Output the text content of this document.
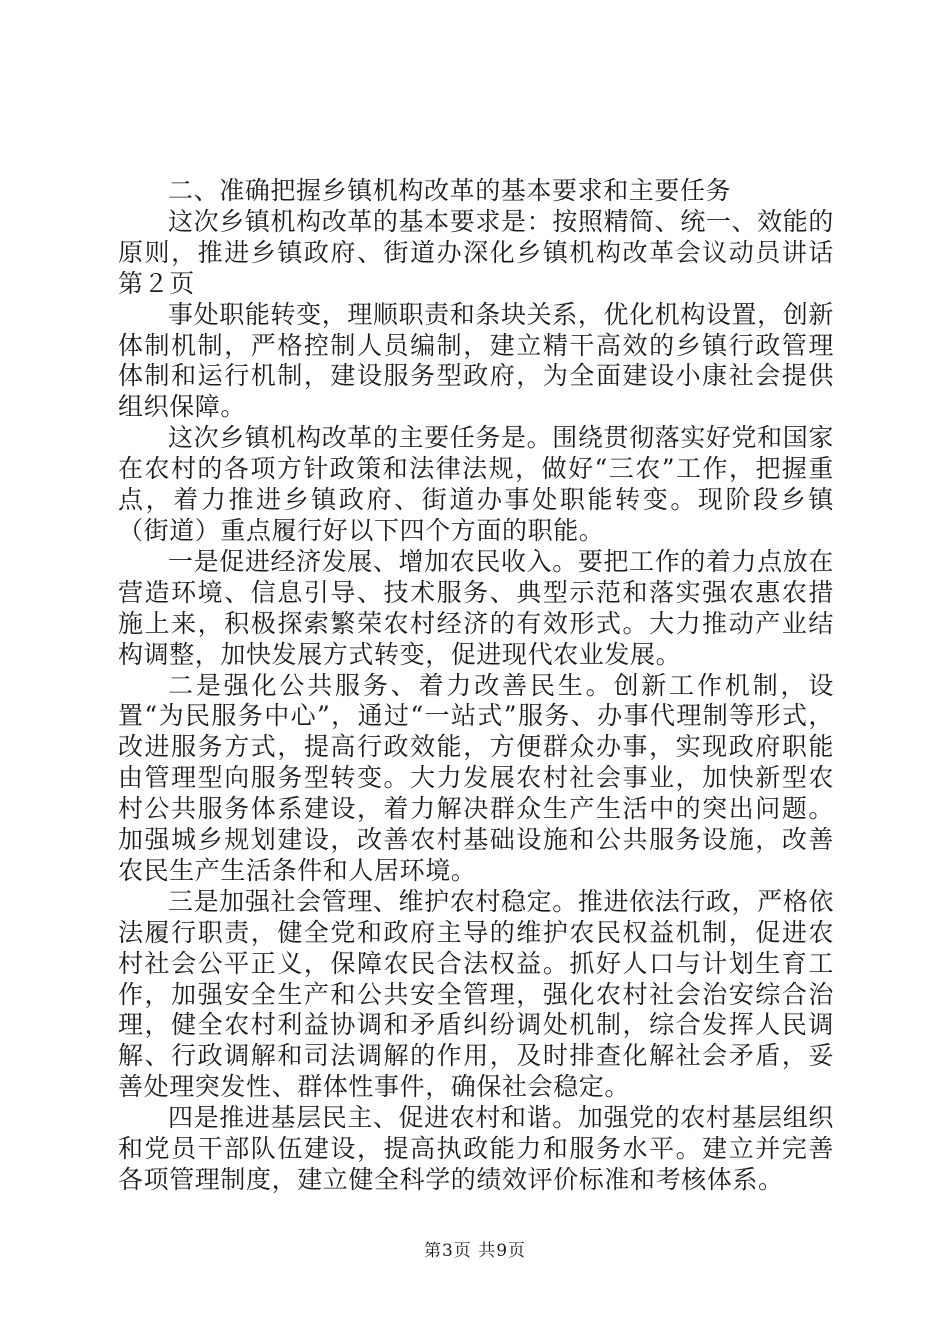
二、准确把握乡镇机构改革的基本要求和主要任务

这次乡镇机构改革的基本要求是：按照精简、统一、效能的原则，推进乡镇政府、街道办深化乡镇机构改革会议动员讲话第２页

事处职能转变，理顺职责和条块关系，优化机构设置，创新体制机制，严格控制人员编制，建立精干高效的乡镇行政管理体制和运行机制，建设服务型政府，为全面建设小康社会提供组织保障。

这次乡镇机构改革的主要任务是。围绕贯彻落实好党和国家在农村的各项方针政策和法律法规，做好“三农”工作，把握重点，着力推进乡镇政府、街道办事处职能转变。现阶段乡镇（街道）重点履行好以下四个方面的职能。

一是促进经济发展、增加农民收入。要把工作的着力点放在营造环境、信息引导、技术服务、典型示范和落实强农惠农措施上来，积极探索繁荣农村经济的有效形式。大力推动产业结构调整，加快发展方式转变，促进现代农业发展。

二是强化公共服务、着力改善民生。创新工作机制，设置“为民服务中心”，通过“一站式”服务、办事代理制等形式，改进服务方式，提高行政效能，方便群众办事，实现政府职能由管理型向服务型转变。大力发展农村社会事业，加快新型农村公共服务体系建设，着力解决群众生产生活中的突出问题。加强城乡规划建设，改善农村基础设施和公共服务设施，改善农民生产生活条件和人居环境。

三是加强社会管理、维护农村稳定。推进依法行政，严格依法履行职责，健全党和政府主导的维护农民权益机制，促进农村社会公平正义，保障农民合法权益。抓好人口与计划生育工作，加强安全生产和公共安全管理，强化农村社会治安综合治理，健全农村利益协调和矛盾纠纷调处机制，综合发挥人民调解、行政调解和司法调解的作用，及时排查化解社会矛盾，妥善处理突发性、群体性事件，确保社会稳定。

四是推进基层民主、促进农村和谐。加强党的农村基层组织和党员干部队伍建设，提高执政能力和服务水平。建立并完善各项管理制度，建立健全科学的绩效评价标准和考核体系。

第3页 共9页
